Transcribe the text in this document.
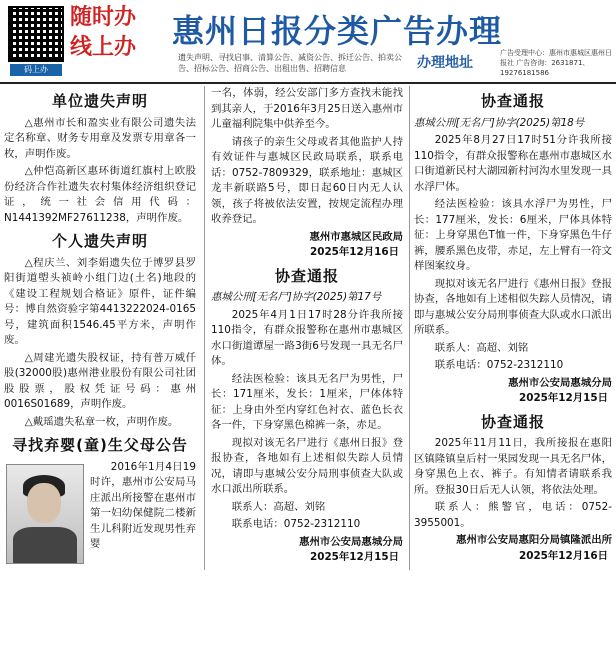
码上办
随时办
线上办	惠州日报分类广告办理
遗失声明、寻找启事、清算公告、减资公告、拆迁公告、拍卖公告、招标公告、招商公告、出租出售、招聘信息	办理地址
广告受理中心：惠州市惠城区惠州日报社 广告咨询：2631871、19276181586
单位遗失声明

△惠州市长和盈实业有限公司遗失法定名称章、财务专用章及发票专用章各一枚，声明作废。

△仲恺高新区惠环街道红旗村上欧股份经济合作社遗失农村集体经济组织登记证，统一社会信用代码：N1441392MF27611238，声明作废。

个人遗失声明

△程庆兰、刘李娟遗失位于博罗县罗阳街道塱头祯岭小组门边(土名)地段的《建设工程规划合格证》原件，证件编号：博自然资验字第4413222024-0165号，建筑面积1546.45平方米，声明作废。

△周建光遗失股权证，持有普万威仟股(32000股)惠州港业股份有限公司社团股股票，股权凭证号码：惠州0016S01689，声明作废。

△戴瑶遗失私章一枚，声明作废。

寻找弃婴(童)生父母公告

2016年1月4日19时许，惠州市公安局马庄派出所接警在惠州市第一妇幼保健院二楼新生儿科附近发现男性弃婴

一名，体弱，经公安部门多方查找未能找到其亲人，于2016年3月25日送入惠州市儿童福利院集中供养至今。

请孩子的亲生父母或者其他监护人持有效证件与惠城区民政局联系，联系电话：0752-7809329，联系地址：惠城区龙丰新联路5号，即日起60日内无人认领，孩子将被依法安置，按规定流程办理收养登记。

惠州市惠城区民政局
2025年12月16日
协查通报

惠城公刑[无名尸]协字(2025)第17号

2025年4月1日17时28分许我所接110指令，有群众报警称在惠州市惠城区水口街道谭屋一路3街6号发现一具无名尸体。

经法医检验：该具无名尸为男性，尸长：171厘米，发长：1厘米，尸体体特征：上身由外至内穿红色衬衣、蓝色长衣各一件，下身穿黑色棉裤一条，赤足。

现拟对该无名尸进行《惠州日报》登报协查，各地如有上述相似失踪人员情况，请即与惠城公安分局刑事侦查大队或水口派出所联系。

联系人：高超、刘铭

联系电话：0752-2312110

惠州市公安局惠城分局
2025年12月15日
协查通报

惠城公刑[无名尸]协字(2025)第18号

2025年8月27日17时51分许我所接110指令，有群众报警称在惠州市惠城区水口街道新民村大湖园新村河沟水里发现一具水浮尸体。

经法医检验：该具水浮尸为男性，尸长：177厘米，发长：6厘米，尸体具体特征：上身穿黑色T恤一件，下身穿黑色牛仔裤，腰系黑色皮带，赤足，左上臂有一符文样图案纹身。

现拟对该无名尸进行《惠州日报》登报协查，各地如有上述相似失踪人员情况，请即与惠城公安分局刑事侦查大队或水口派出所联系。

联系人：高超、刘铭

联系电话：0752-2312110

惠州市公安局惠城分局
2025年12月15日
协查通报

2025年11月11日，我所接报在惠阳区镇隆镇皇后村一果园发现一具无名尸体，身穿黑色上衣、裤子。有知情者请联系我所。登报30日后无人认领，将依法处理。

联系人：熊警官，电话：0752-3955001。

惠州市公安局惠阳分局镇隆派出所
2025年12月16日
